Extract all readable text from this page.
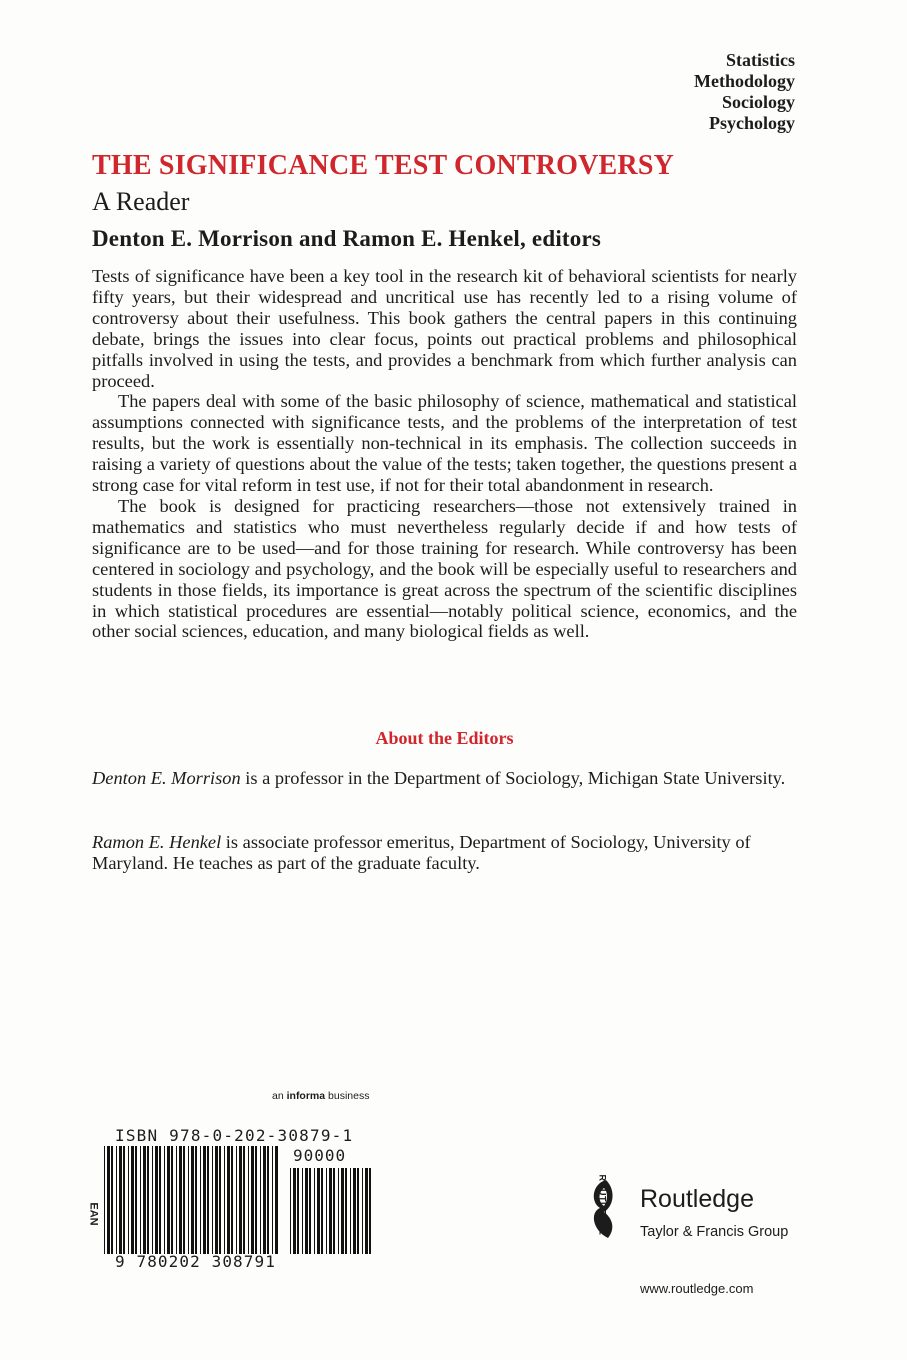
Statistics
Methodology
Sociology
Psychology
THE SIGNIFICANCE TEST CONTROVERSY
A Reader
Denton E. Morrison and Ramon E. Henkel, editors

Tests of significance have been a key tool in the research kit of behavioral scientists for nearly fifty years, but their widespread and uncritical use has recently led to a rising volume of controversy about their usefulness. This book gathers the central papers in this continuing debate, brings the issues into clear focus, points out practical problems and philosophical pitfalls involved in using the tests, and provides a benchmark from which further analysis can proceed.

The papers deal with some of the basic philosophy of science, mathematical and statistical assumptions connected with significance tests, and the problems of the interpretation of test results, but the work is essentially non-technical in its emphasis. The collection succeeds in raising a variety of questions about the value of the tests; taken together, the questions present a strong case for vital reform in test use, if not for their total abandonment in research.

The book is designed for practicing researchers—those not extensively trained in mathematics and statistics who must nevertheless regularly decide if and how tests of significance are to be used—and for those training for research. While controversy has been centered in sociology and psychology, and the book will be especially useful to researchers and students in those fields, its importance is great across the spectrum of the scientific disciplines in which statistical procedures are essential—notably political science, economics, and the other social sciences, education, and many biological fields as well.

About the Editors
Denton E. Morrison is a professor in the Department of Sociology, Michigan State University.
Ramon E. Henkel is associate professor emeritus, Department of Sociology, University of Maryland. He teaches as part of the graduate faculty.
an informa business
ISBN 978-0-202-30879-1
EAN
90000
9 780202 308791
ROUTLEDGE Routledge
Taylor & Francis Group
www.routledge.com
